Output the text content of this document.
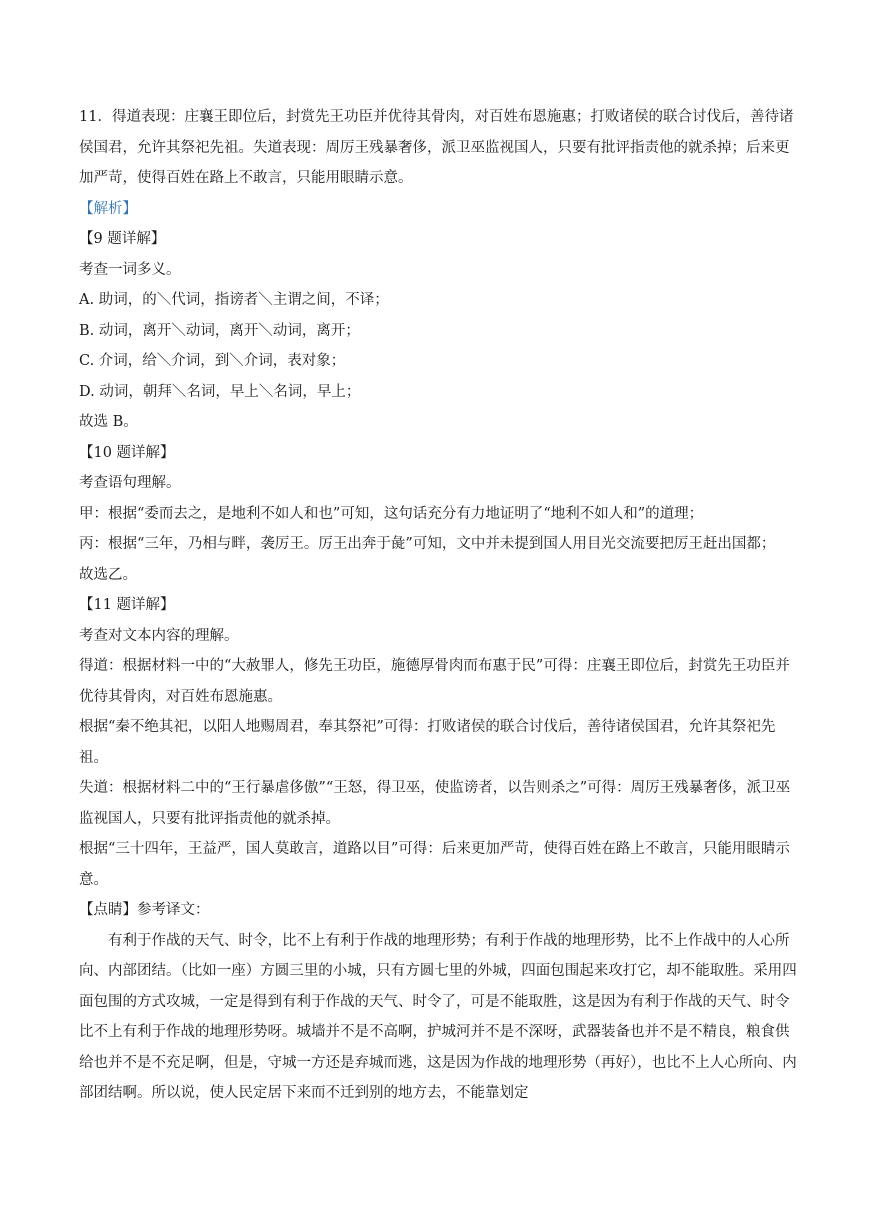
11．得道表现：庄襄王即位后，封赏先王功臣并优待其骨肉，对百姓布恩施惠；打败诸侯的联合讨伐后，善待诸侯国君，允许其祭祀先祖。失道表现：周厉王残暴奢侈，派卫巫监视国人，只要有批评指责他的就杀掉；后来更加严苛，使得百姓在路上不敢言，只能用眼睛示意。

【解析】

【9 题详解】

考查一词多义。

A. 助词，的＼代词，指谤者＼主谓之间，不译；

B. 动词，离开＼动词，离开＼动词，离开；

C. 介词，给＼介词，到＼介词，表对象；

D. 动词，朝拜＼名词，早上＼名词，早上；

故选 B。

【10 题详解】

考查语句理解。

甲：根据“委而去之，是地利不如人和也”可知，这句话充分有力地证明了“地利不如人和”的道理；

丙：根据“三年，乃相与畔，袭厉王。厉王出奔于彘”可知，文中并未提到国人用目光交流要把厉王赶出国都；

故选乙。

【11 题详解】

考查对文本内容的理解。

得道：根据材料一中的“大赦罪人，修先王功臣，施德厚骨肉而布惠于民”可得：庄襄王即位后，封赏先王功臣并优待其骨肉，对百姓布恩施惠。

根据“秦不绝其祀，以阳人地赐周君，奉其祭祀”可得：打败诸侯的联合讨伐后，善待诸侯国君，允许其祭祀先祖。

失道：根据材料二中的“王行暴虐侈傲”“王怒，得卫巫，使监谤者，以告则杀之”可得：周厉王残暴奢侈，派卫巫监视国人，只要有批评指责他的就杀掉。

根据“三十四年，王益严，国人莫敢言，道路以目”可得：后来更加严苛，使得百姓在路上不敢言，只能用眼睛示意。

【点睛】参考译文：

有利于作战的天气、时令，比不上有利于作战的地理形势；有利于作战的地理形势，比不上作战中的人心所向、内部团结。（比如一座）方圆三里的小城，只有方圆七里的外城，四面包围起来攻打它，却不能取胜。采用四面包围的方式攻城，一定是得到有利于作战的天气、时令了，可是不能取胜，这是因为有利于作战的天气、时令比不上有利于作战的地理形势呀。城墙并不是不高啊，护城河并不是不深呀，武器装备也并不是不精良，粮食供给也并不是不充足啊，但是，守城一方还是弃城而逃，这是因为作战的地理形势（再好），也比不上人心所向、内部团结啊。所以说，使人民定居下来而不迁到别的地方去，不能靠划定
